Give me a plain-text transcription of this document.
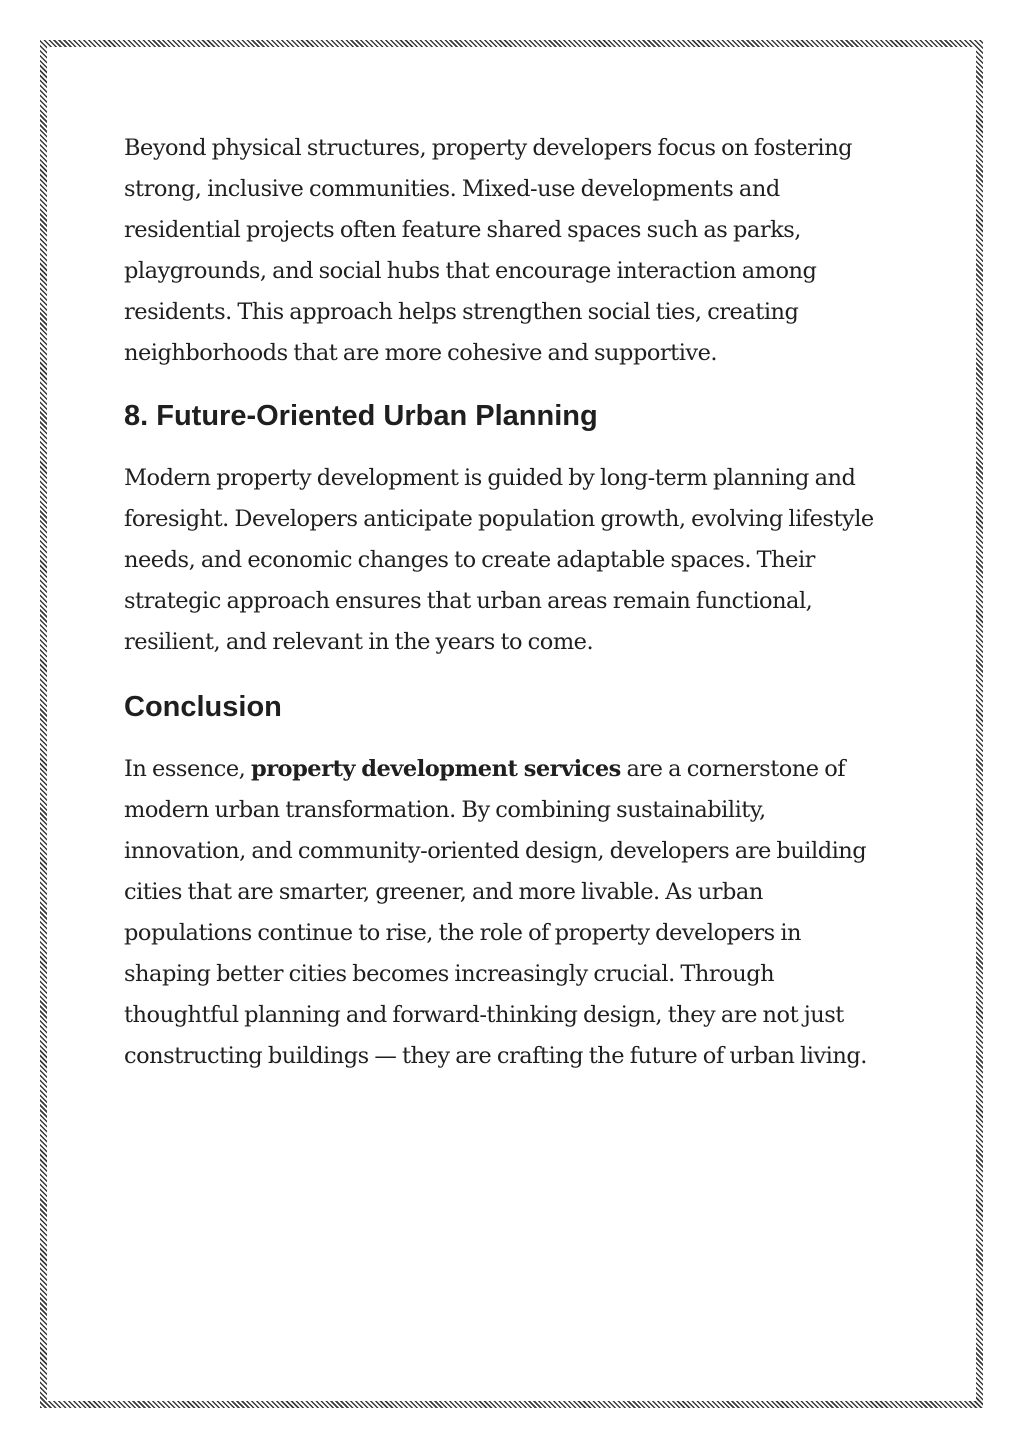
Beyond physical structures, property developers focus on fostering
strong, inclusive communities. Mixed-use developments and
residential projects often feature shared spaces such as parks,
playgrounds, and social hubs that encourage interaction among
residents. This approach helps strengthen social ties, creating
neighborhoods that are more cohesive and supportive.

8. Future-Oriented Urban Planning

Modern property development is guided by long-term planning and
foresight. Developers anticipate population growth, evolving lifestyle
needs, and economic changes to create adaptable spaces. Their
strategic approach ensures that urban areas remain functional,
resilient, and relevant in the years to come.

Conclusion

In essence, property development services are a cornerstone of
modern urban transformation. By combining sustainability,
innovation, and community-oriented design, developers are building
cities that are smarter, greener, and more livable. As urban
populations continue to rise, the role of property developers in
shaping better cities becomes increasingly crucial. Through
thoughtful planning and forward-thinking design, they are not just
constructing buildings — they are crafting the future of urban living.
